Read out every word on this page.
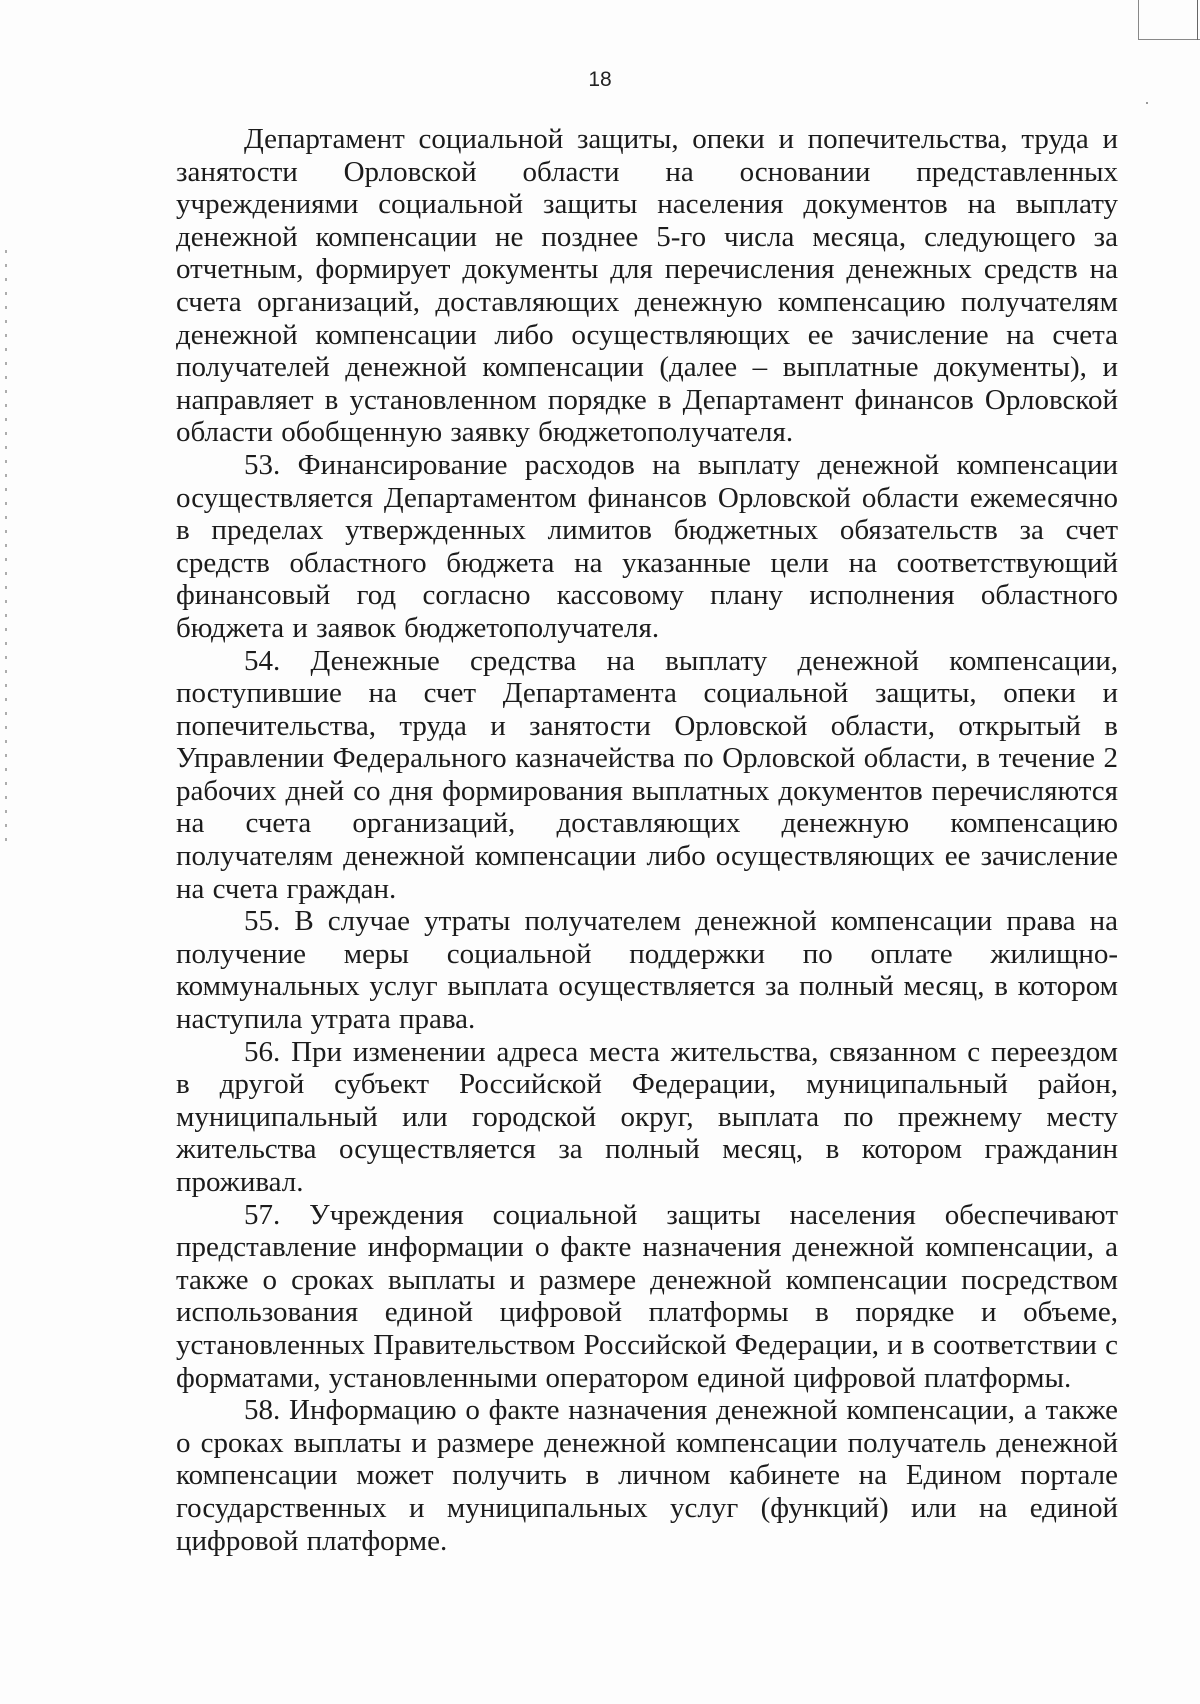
18

Департамент социальной защиты, опеки и попечительства, труда и занятости Орловской области на основании представленных учреждениями социальной защиты населения документов на выплату денежной компенсации не позднее 5-го числа месяца, следующего за отчетным, формирует документы для перечисления денежных средств на счета организаций, доставляющих денежную компенсацию получателям денежной компенсации либо осуществляющих ее зачисление на счета получателей денежной компенсации (далее – выплатные документы), и направляет в установленном порядке в Департамент финансов Орловской области обобщенную заявку бюджетополучателя.

53. Финансирование расходов на выплату денежной компенсации осуществляется Департаментом финансов Орловской области ежемесячно в пределах утвержденных лимитов бюджетных обязательств за счет средств областного бюджета на указанные цели на соответствующий финансовый год согласно кассовому плану исполнения областного бюджета и заявок бюджетополучателя.

54. Денежные средства на выплату денежной компенсации, поступившие на счет Департамента социальной защиты, опеки и попечительства, труда и занятости Орловской области, открытый в Управлении Федерального казначейства по Орловской области, в течение 2 рабочих дней со дня формирования выплатных документов перечисляются на счета организаций, доставляющих денежную компенсацию получателям денежной компенсации либо осуществляющих ее зачисление на счета граждан.

55. В случае утраты получателем денежной компенсации права на получение меры социальной поддержки по оплате жилищно-коммунальных услуг выплата осуществляется за полный месяц, в котором наступила утрата права.

56. При изменении адреса места жительства, связанном с переездом в другой субъект Российской Федерации, муниципальный район, муниципальный или городской округ, выплата по прежнему месту жительства осуществляется за полный месяц, в котором гражданин проживал.

57. Учреждения социальной защиты населения обеспечивают представление информации о факте назначения денежной компенсации, а также о сроках выплаты и размере денежной компенсации посредством использования единой цифровой платформы в порядке и объеме, установленных Правительством Российской Федерации, и в соответствии с форматами, установленными оператором единой цифровой платформы.

58. Информацию о факте назначения денежной компенсации, а также о сроках выплаты и размере денежной компенсации получатель денежной компенсации может получить в личном кабинете на Едином портале государственных и муниципальных услуг (функций) или на единой цифровой платформе.
